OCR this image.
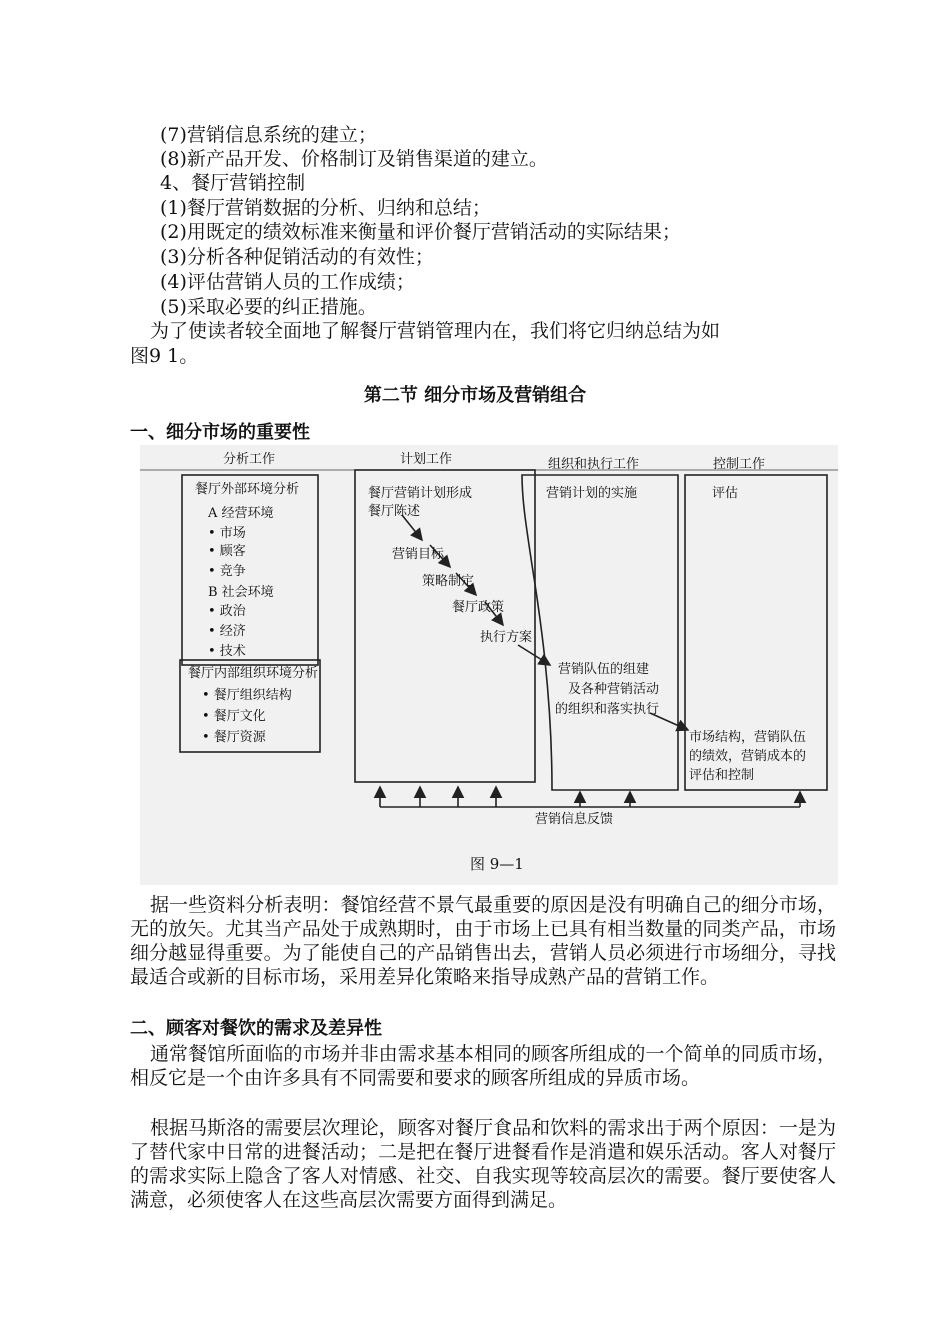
(7)营销信息系统的建立；
(8)新产品开发、价格制订及销售渠道的建立。
4、餐厅营销控制
(1)餐厅营销数据的分析、归纳和总结；
(2)用既定的绩效标准来衡量和评价餐厅营销活动的实际结果；
(3)分析各种促销活动的有效性；
(4)评估营销人员的工作成绩；
(5)采取必要的纠正措施。
为了使读者较全面地了解餐厅营销管理内在，我们将它归纳总结为如
图9 1。
第二节 细分市场及营销组合
一、细分市场的重要性
分析工作	计划工作	组织和执行工作	控制工作
餐厅外部环境分析
A 经营环境
• 市场
• 顾客
• 竞争
B 社会环境
• 政治
• 经济
• 技术
餐厅内部组织环境分析
• 餐厅组织结构
• 餐厅文化
• 餐厅资源
餐厅营销计划形成
餐厅陈述
营销目标
策略制定
餐厅政策
执行方案
营销计划的实施
营销队伍的组建
及各种营销活动
的组织和落实执行
评估
市场结构，营销队伍
的绩效，营销成本的
评估和控制
营销信息反馈
图 9—1
据一些资料分析表明：餐馆经营不景气最重要的原因是没有明确自己的细分市场，无的放矢。尤其当产品处于成熟期时，由于市场上已具有相当数量的同类产品，市场细分越显得重要。为了能使自己的产品销售出去，营销人员必须进行市场细分，寻找最适合或新的目标市场，采用差异化策略来指导成熟产品的营销工作。
二、顾客对餐饮的需求及差异性
通常餐馆所面临的市场并非由需求基本相同的顾客所组成的一个简单的同质市场，相反它是一个由许多具有不同需要和要求的顾客所组成的异质市场。
根据马斯洛的需要层次理论，顾客对餐厅食品和饮料的需求出于两个原因：一是为了替代家中日常的进餐活动；二是把在餐厅进餐看作是消遣和娱乐活动。客人对餐厅的需求实际上隐含了客人对情感、社交、自我实现等较高层次的需要。餐厅要使客人满意，必须使客人在这些高层次需要方面得到满足。
